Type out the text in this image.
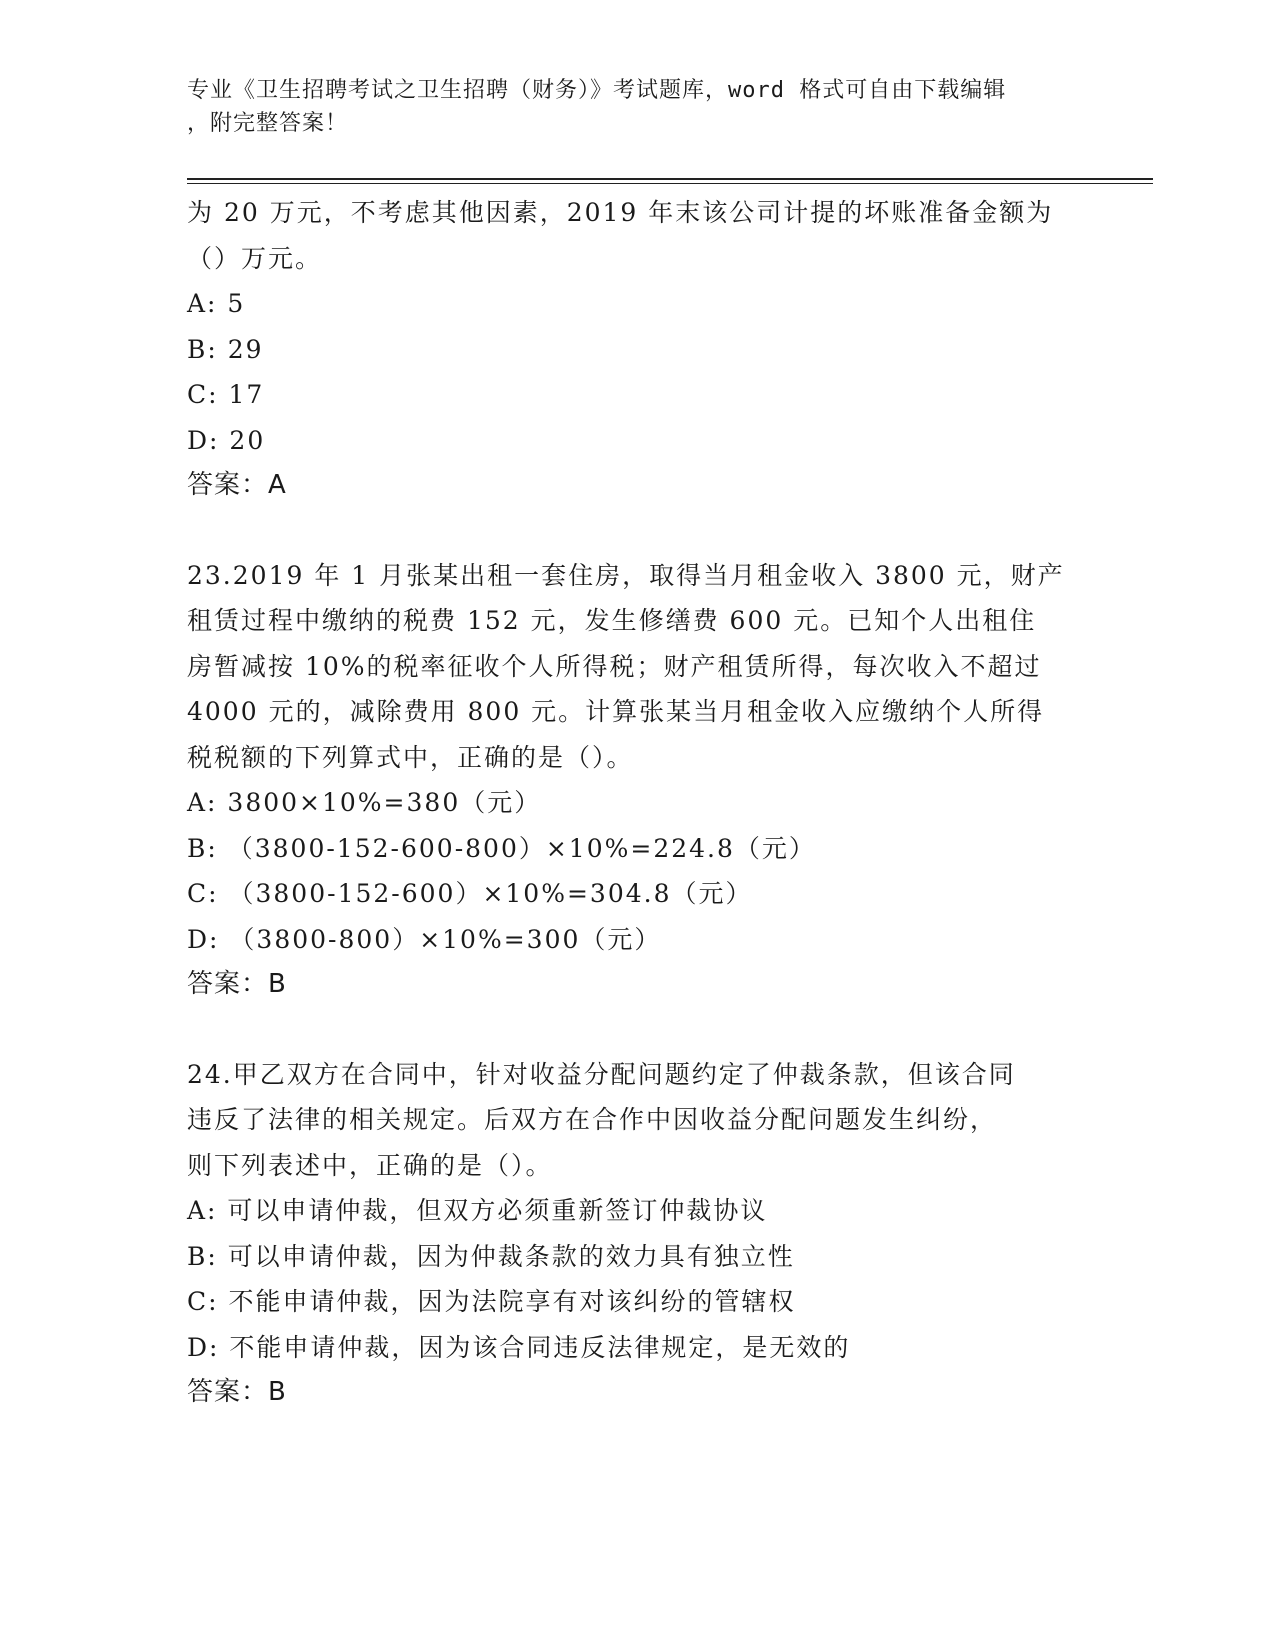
专业《卫生招聘考试之卫生招聘（财务）》考试题库，word 格式可自由下载编辑
，附完整答案！
为 20 万元，不考虑其他因素，2019 年末该公司计提的坏账准备金额为
（）万元。
A: 5
B: 29
C: 17
D: 20
答案：A
23.2019 年 1 月张某出租一套住房，取得当月租金收入 3800 元，财产
租赁过程中缴纳的税费 152 元，发生修缮费 600 元。已知个人出租住
房暂减按 10%的税率征收个人所得税；财产租赁所得，每次收入不超过
4000 元的，减除费用 800 元。计算张某当月租金收入应缴纳个人所得
税税额的下列算式中，正确的是（）。
A: 3800×10%=380（元）
B: （3800-152-600-800）×10%=224.8（元）
C: （3800-152-600）×10%=304.8（元）
D: （3800-800）×10%=300（元）
答案：B
24.甲乙双方在合同中，针对收益分配问题约定了仲裁条款，但该合同
违反了法律的相关规定。后双方在合作中因收益分配问题发生纠纷，
则下列表述中，正确的是（）。
A: 可以申请仲裁，但双方必须重新签订仲裁协议
B: 可以申请仲裁，因为仲裁条款的效力具有独立性
C: 不能申请仲裁，因为法院享有对该纠纷的管辖权
D: 不能申请仲裁，因为该合同违反法律规定，是无效的
答案：B
